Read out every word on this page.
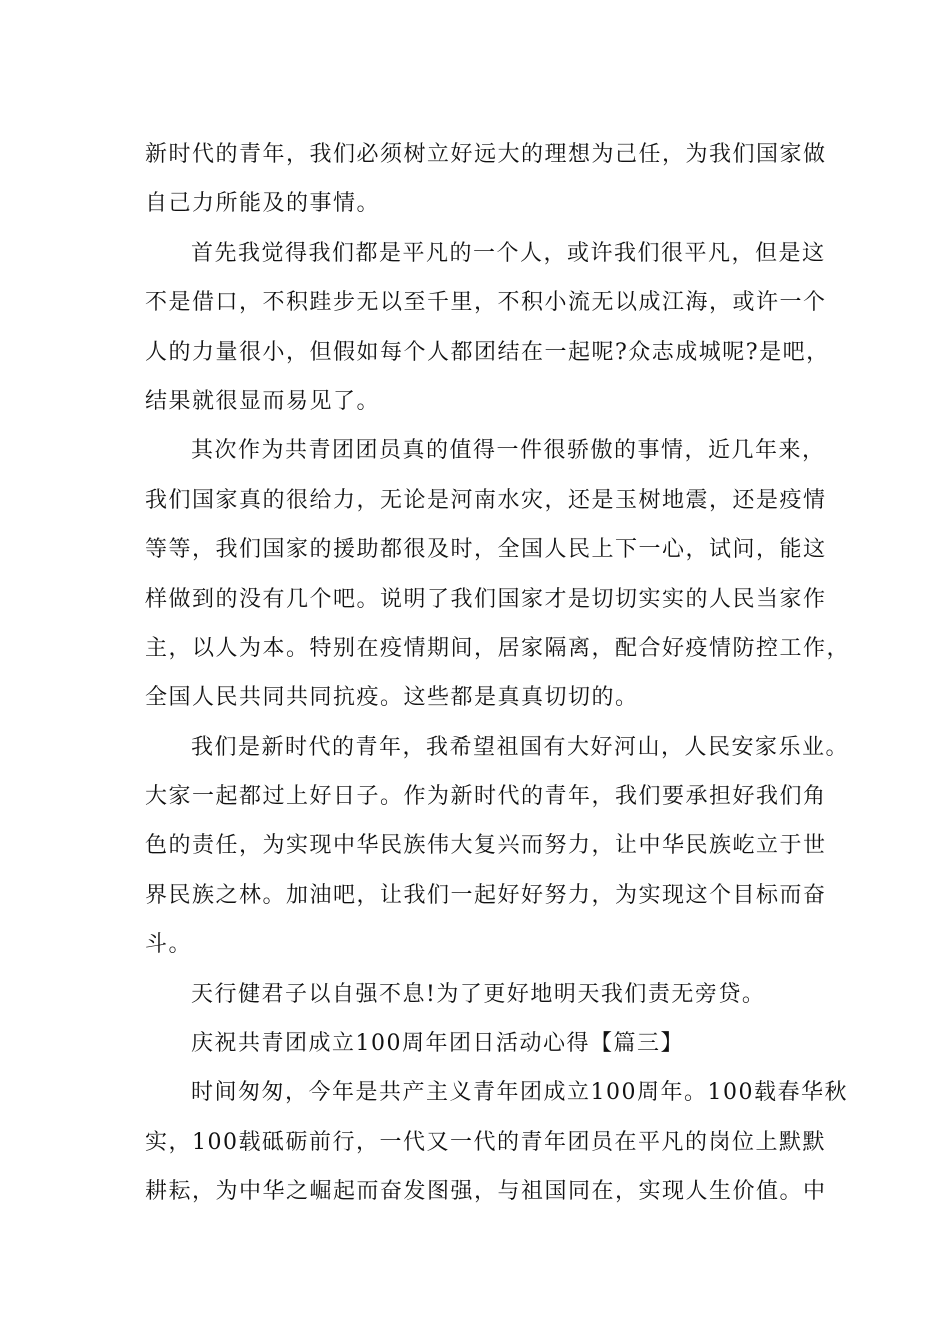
新时代的青年，我们必须树立好远大的理想为己任，为我们国家做
自己力所能及的事情。
首先我觉得我们都是平凡的一个人，或许我们很平凡，但是这
不是借口，不积跬步无以至千里，不积小流无以成江海，或许一个
人的力量很小，但假如每个人都团结在一起呢?众志成城呢?是吧，
结果就很显而易见了。
其次作为共青团团员真的值得一件很骄傲的事情，近几年来，
我们国家真的很给力，无论是河南水灾，还是玉树地震，还是疫情
等等，我们国家的援助都很及时，全国人民上下一心，试问，能这
样做到的没有几个吧。说明了我们国家才是切切实实的人民当家作
主，以人为本。特别在疫情期间，居家隔离，配合好疫情防控工作，
全国人民共同共同抗疫。这些都是真真切切的。
我们是新时代的青年，我希望祖国有大好河山，人民安家乐业。
大家一起都过上好日子。作为新时代的青年，我们要承担好我们角
色的责任，为实现中华民族伟大复兴而努力，让中华民族屹立于世
界民族之林。加油吧，让我们一起好好努力，为实现这个目标而奋
斗。
天行健君子以自强不息!为了更好地明天我们责无旁贷。
庆祝共青团成立100周年团日活动心得【篇三】
时间匆匆，今年是共产主义青年团成立100周年。100载春华秋
实，100载砥砺前行，一代又一代的青年团员在平凡的岗位上默默
耕耘，为中华之崛起而奋发图强，与祖国同在，实现人生价值。中
